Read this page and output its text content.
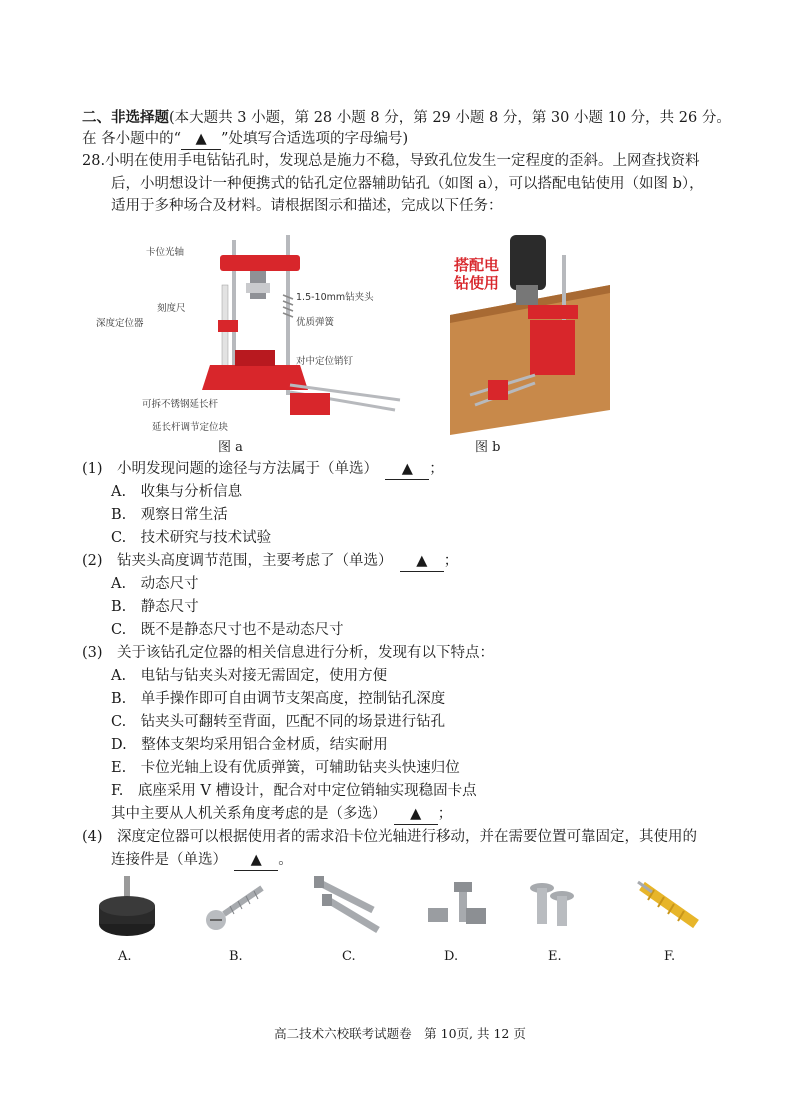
二、非选择题(本大题共 3 小题，第 28 小题 8 分，第 29 小题 8 分，第 30 小题 10 分，共 26 分。
在 各小题中的“ ▲ ”处填写合适选项的字母编号)
28.小明在使用手电钻钻孔时，发现总是施力不稳，导致孔位发生一定程度的歪斜。上网查找资料
后，小明想设计一种便携式的钻孔定位器辅助钻孔（如图 a），可以搭配电钻使用（如图 b），
适用于多种场合及材料。请根据图示和描述，完成以下任务：
卡位光轴
1.5-10mm钻夹头
刻度尺
深度定位器	优质弹簧
对中定位销钉
可拆不锈钢延长杆
延长杆调节定位块
图 a
搭配电
钻使用
图 b
(1)　小明发现问题的途径与方法属于（单选）　 ▲ ；
A.　收集与分析信息
B.　观察日常生活
C.　技术研究与技术试验
(2)　钻夹头高度调节范围，主要考虑了（单选）　 ▲ ；
A.　动态尺寸
B.　静态尺寸
C.　既不是静态尺寸也不是动态尺寸
(3)　关于该钻孔定位器的相关信息进行分析，发现有以下特点：
A.　电钻与钻夹头对接无需固定，使用方便
B.　单手操作即可自由调节支架高度，控制钻孔深度
C.　钻夹头可翻转至背面，匹配不同的场景进行钻孔
D.　整体支架均采用铝合金材质，结实耐用
E.　卡位光轴上设有优质弹簧，可辅助钻夹头快速归位
F.　底座采用 V 槽设计，配合对中定位销轴实现稳固卡点
其中主要从人机关系角度考虑的是（多选）　 ▲ ；
(4)　深度定位器可以根据使用者的需求沿卡位光轴进行移动，并在需要位置可靠固定，其使用的
连接件是（单选）　 ▲ 。
A.	B.	C.	D.	E.	F.
高二技术六校联考试题卷　第 10页, 共 12 页
